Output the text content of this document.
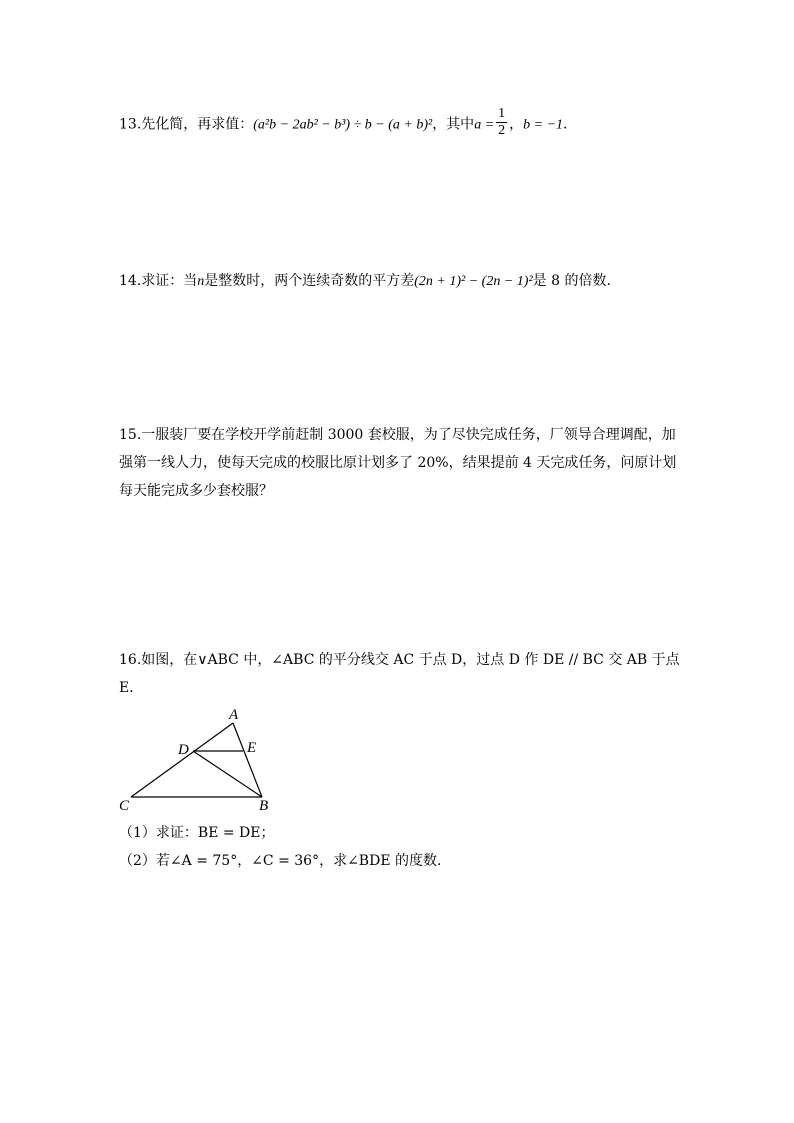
13.先化简，再求值：(a²b − 2ab² − b³) ÷ b − (a + b)²，其中$a = \frac{1}{2}$ ，b = −1.
14.求证：当n是整数时，两个连续奇数的平方差(2n + 1)² − (2n − 1)²是 8 的倍数.
15.一服装厂要在学校开学前赶制 3000 套校服，为了尽快完成任务，厂领导合理调配，加
强第一线人力，使每天完成的校服比原计划多了 20%，结果提前 4 天完成任务，问原计划
每天能完成多少套校服？
16.如图，在∨ABC 中，∠ABC 的平分线交 AC 于点 D，过点 D 作 DE // BC 交 AB 于点
E．
A
D	E
C	B
（1）求证：BE = DE；
（2）若∠A = 75°，∠C = 36°，求∠BDE 的度数.
